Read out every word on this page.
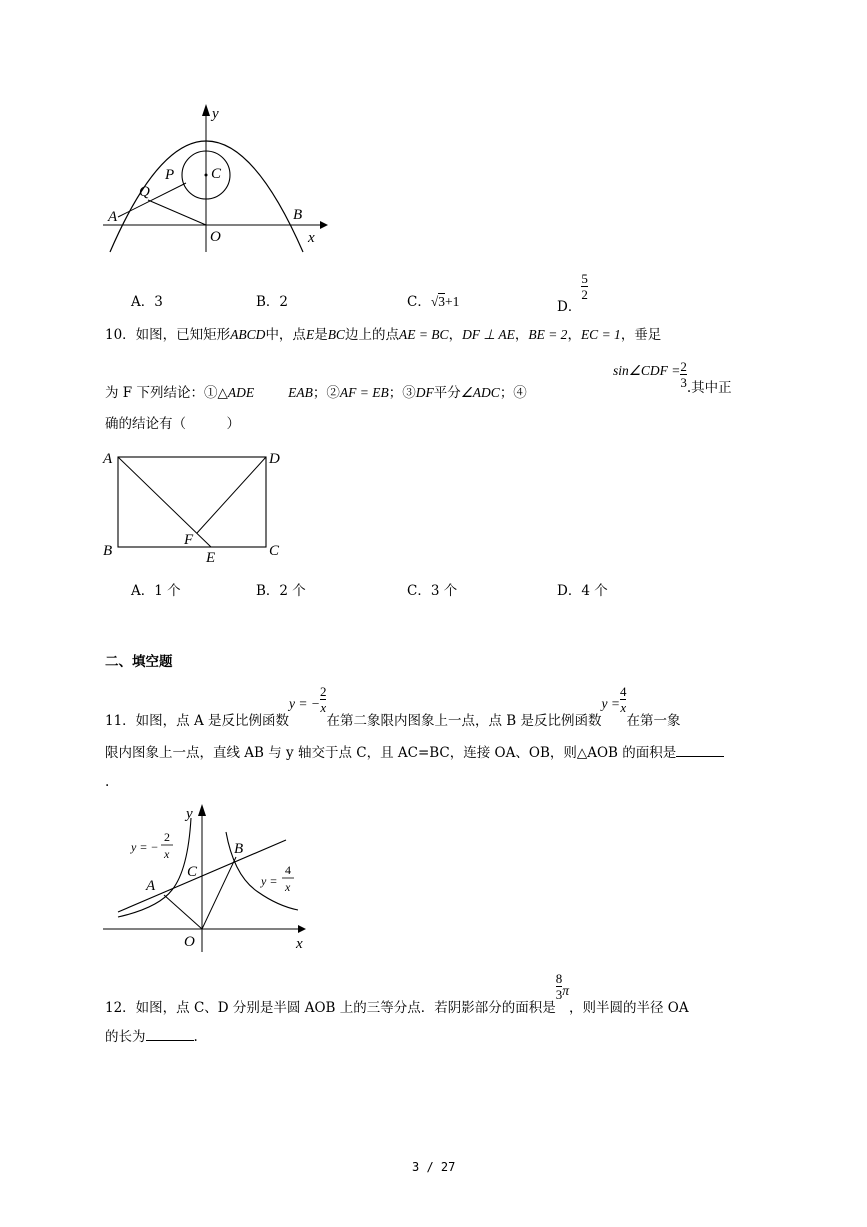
y
x
A	B
O
C
P
Q
A．3	B．2	C．√3+1	D．
$\frac{5}{2}$
10．如图，已知矩形ABCD中，点E是BC边上的点AE = BC，DF ⊥ AE，BE = 2，EC = 1，垂足
为 F 下列结论：①△ADE	EAB；②AF = EB；③DF平分∠ADC；④
sin∠CDF = $\frac{2}{3}$ .其中正
确的结论有（　　　）
A	D
B	C
F
E
A．1 个	B．2 个	C．3 个	D．4 个
二、填空题
11．如图，点 A 是反比例函数y = − $\frac{2}{x}$
在第二象限内图象上一点，点 B 是反比例函数$y = \frac{4}{x}$
在第一象
限内图象上一点，直线 AB 与 y 轴交于点 C，且 AC=BC，连接 OA、OB，则△AOB 的面积是
.
y
x
O
A
B
C
y = −
2
x
y =
4
x
12．如图，点 C、D 分别是半圆 AOB 上的三等分点．若阴影部分的面积是
$\frac{8}{3}$ π，则半圆的半径 OA
的长为	.
3 / 27
